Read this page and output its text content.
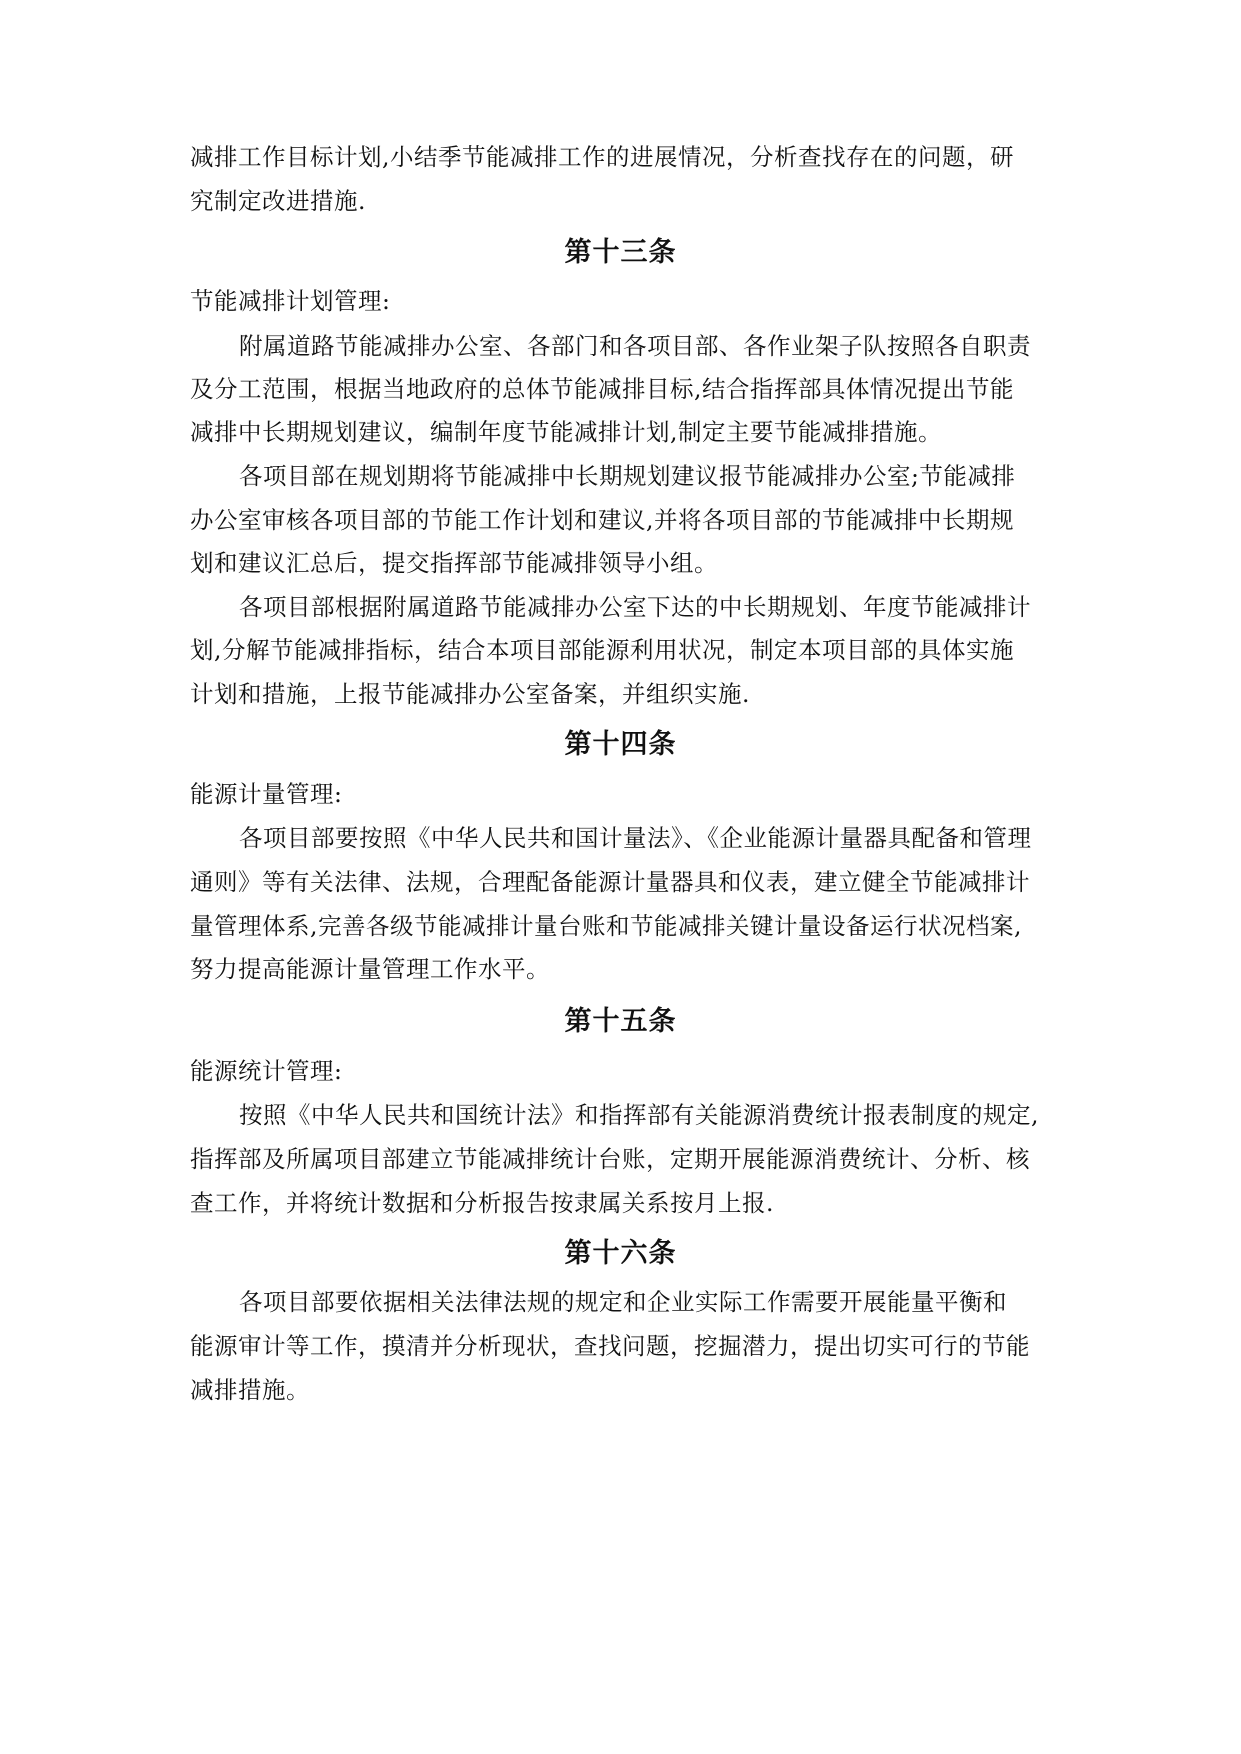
减排工作目标计划,小结季节能减排工作的进展情况，分析查找存在的问题，研
究制定改进措施.
第十三条
节能减排计划管理:
附属道路节能减排办公室、各部门和各项目部、各作业架子队按照各自职责
及分工范围，根据当地政府的总体节能减排目标,结合指挥部具体情况提出节能
减排中长期规划建议，编制年度节能减排计划,制定主要节能减排措施。
各项目部在规划期将节能减排中长期规划建议报节能减排办公室;节能减排
办公室审核各项目部的节能工作计划和建议,并将各项目部的节能减排中长期规
划和建议汇总后，提交指挥部节能减排领导小组。
各项目部根据附属道路节能减排办公室下达的中长期规划、年度节能减排计
划,分解节能减排指标，结合本项目部能源利用状况，制定本项目部的具体实施
计划和措施，上报节能减排办公室备案，并组织实施.
第十四条
能源计量管理:
各项目部要按照《中华人民共和国计量法》、《企业能源计量器具配备和管理
通则》等有关法律、法规，合理配备能源计量器具和仪表，建立健全节能减排计
量管理体系,完善各级节能减排计量台账和节能减排关键计量设备运行状况档案,
努力提高能源计量管理工作水平。
第十五条
能源统计管理:
按照《中华人民共和国统计法》和指挥部有关能源消费统计报表制度的规定,
指挥部及所属项目部建立节能减排统计台账，定期开展能源消费统计、分析、核
查工作，并将统计数据和分析报告按隶属关系按月上报.
第十六条
各项目部要依据相关法律法规的规定和企业实际工作需要开展能量平衡和
能源审计等工作，摸清并分析现状，查找问题，挖掘潜力，提出切实可行的节能
减排措施。
